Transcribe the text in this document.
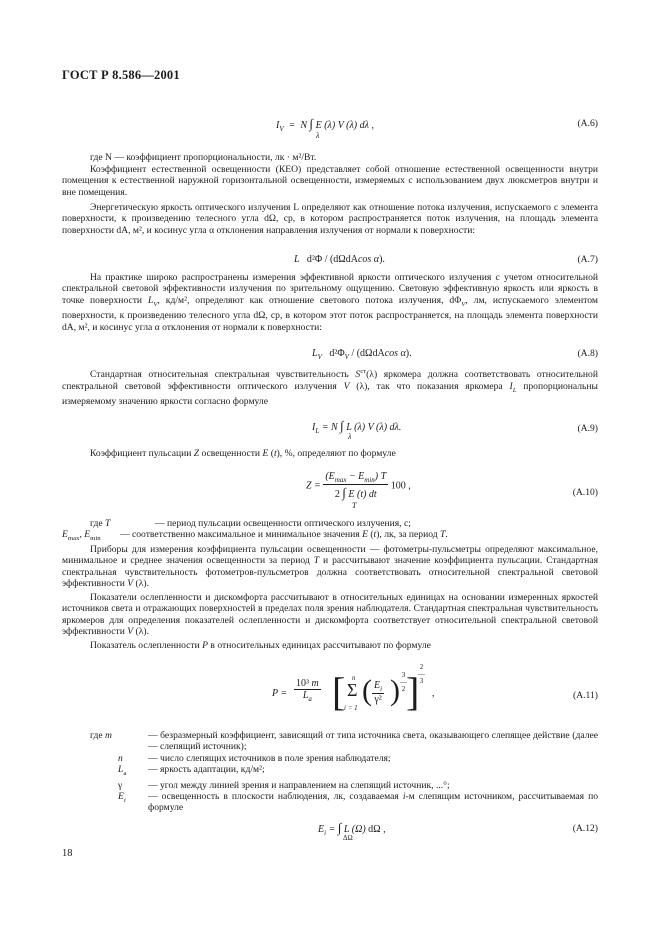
ГОСТ Р 8.586—2001
$I_V = N$ ∫ E (λ) V (λ) dλ ,	(A.6)
λ

где N — коэффициент пропорциональности, лк · м²/Вт.

Коэффициент естественной освещенности (КЕО) представляет собой отношение естественной освещенности внутри помещения к естественной наружной горизонтальной освещенности, измеряемых с использованием двух люксметров внутри и вне помещения.

Энергетическую яркость оптического излучения L определяют как отношение потока излучения, испускаемого с элемента поверхности, к произведению телесного угла dΩ, ср, в котором распространяется поток излучения, на площадь элемента поверхности dA, м², и косинус угла α отклонения направления излучения от нормали к поверхности:

L   d²Φ / (dΩdAcos α).	(A.7)

На практике широко распространены измерения эффективной яркости оптического излучения с учетом относительной спектральной световой эффективности излучения по зрительному ощущению. Световую эффективную яркость или яркость в точке поверхности $L_V$, кд/м², определяют как отношение светового потока излучения, $d\Phi_V$, лм, испускаемого элементом поверхности, к произведению телесного угла dΩ, ср, в котором этот поток распространяется, на площадь элемента поверхности dA, м², и косинус угла α отклонения от нормали к поверхности:

$L_V$ $d^2\Phi_V / (d\Omega dAcos$ α).	(A.8)

Стандартная относительная спектральная чувствительность $S^{ст}(\lambda)$ яркомера должна соответствовать относительной спектральной световой эффективности оптического излучения V (λ), так что показания яркомера $I_L$ пропорциональны измеряемому значению яркости согласно формуле

$I_L = N$ ∫ L (λ) V (λ) dλ.	(A.9)
λ

Коэффициент пульсации Z освещенности E (t), %, определяют по формуле

$Z = \frac{(E_{max} - E_{min}) T}{2 \int E (t) dt} 100$ ,
(A.10)
T
где T	— период пульсации освещенности оптического излучения, с;
$E_{max}$, $E_{min}$	— соответственно максимальное и минимальное значения E (t), лк, за период T.

Приборы для измерения коэффициента пульсации освещенности — фотометры-пульсметры определяют максимальное, минимальное и среднее значения освещенности за период T и рассчитывают значение коэффициента пульсации. Стандартная спектральная чувствительность фотометров-пульсметров должна соответствовать относительной спектральной световой эффективности V (λ).

Показатели ослепленности и дискомфорта рассчитывают в относительных единицах на основании измеренных яркостей источников света и отражающих поверхностей в пределах поля зрения наблюдателя. Стандартная спектральная чувствительность яркомеров для определения показателей ослепленности и дискомфорта соответствует относительной спектральной световой эффективности V (λ).

Показатель ослепленности P в относительных единицах рассчитывают по формуле

$P = \frac{\text{10³ m}}{L_a}$ [ n
Σ
i = 1
( $\frac{E_i}{\text{γ²}}$ ) 3
—
2 ]
2
—
3
,	(A.11)
где m	— безразмерный коэффициент, зависящий от типа источника света, оказывающего слепящее действие (далее — слепящий источник);
n	— число слепящих источников в поле зрения наблюдателя;
$L_a$	— яркость адаптации, кд/м²;
γ	— угол между линией зрения и направлением на слепящий источник, ...°;
$E_i$	— освещенность в плоскости наблюдения, лк, создаваемая i-м слепящим источником, рассчитываемая по формуле
$E_i$ = ∫ L (Ω) dΩ ,	(A.12)
ΔΩ
18
